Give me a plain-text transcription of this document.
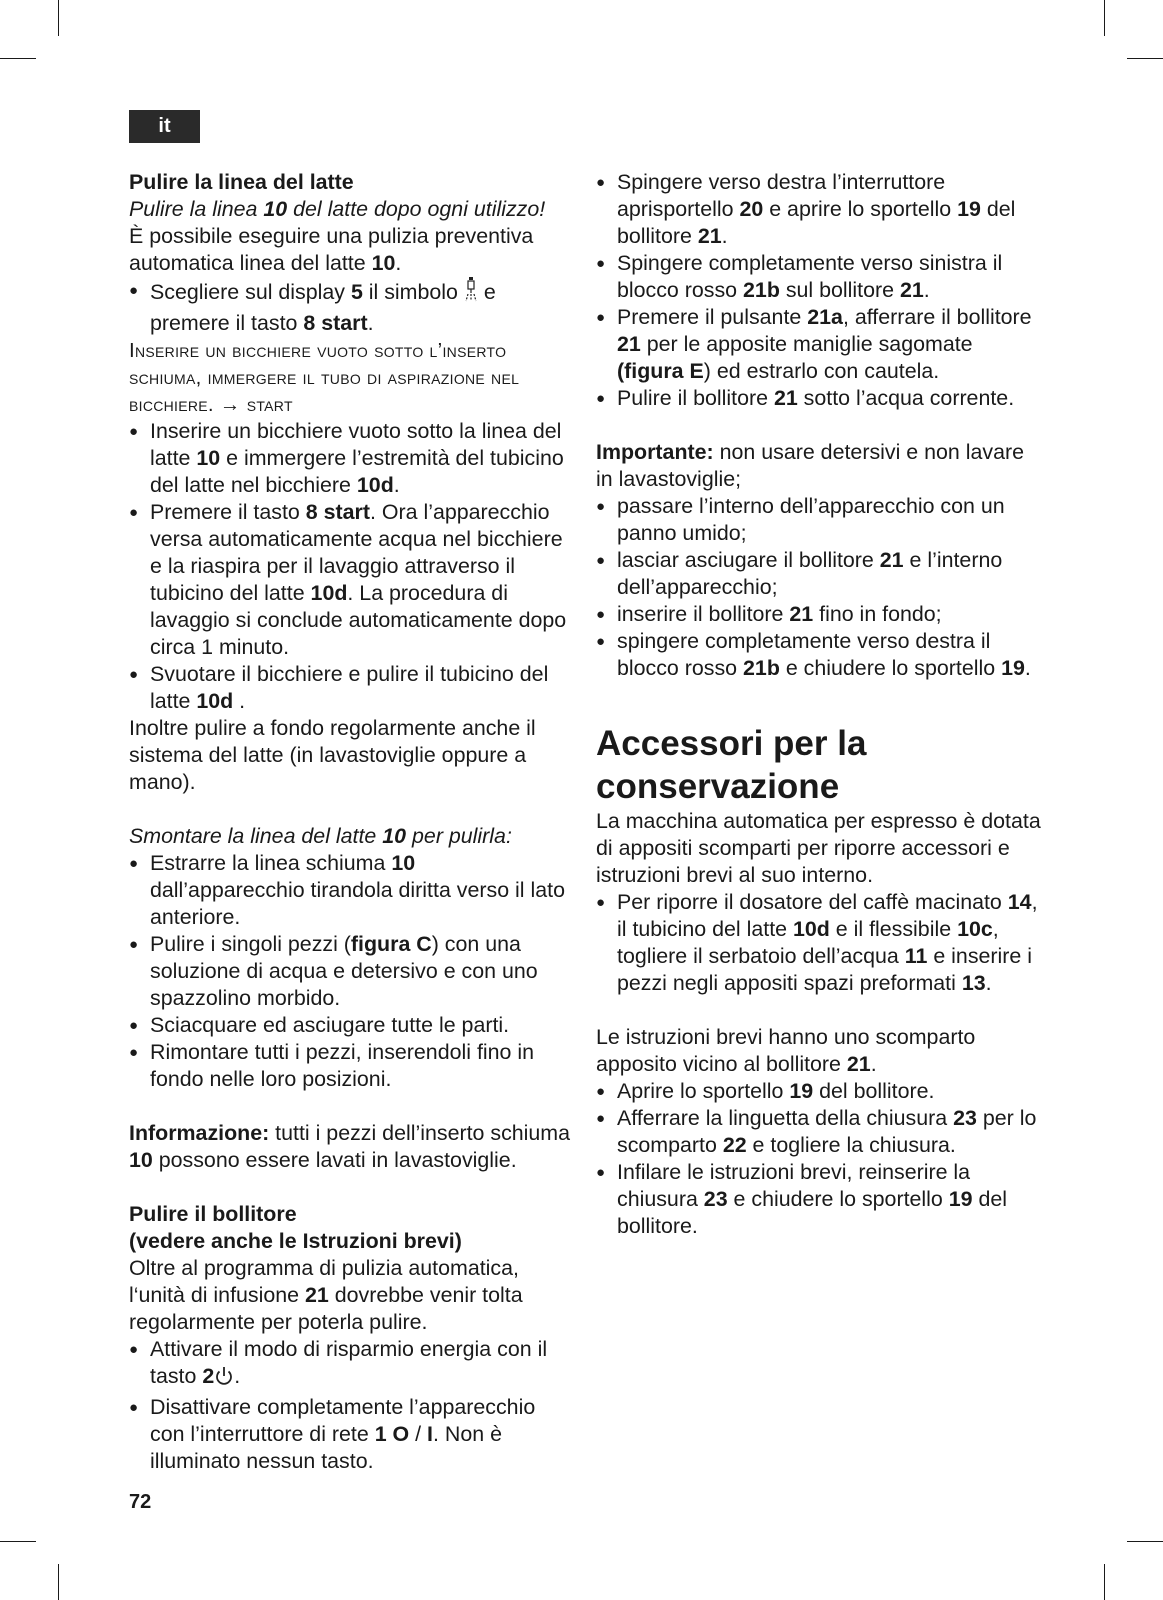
it

Pulire la linea del latte

Pulire la linea 10 del latte dopo ogni utilizzo!

È possibile eseguire una pulizia preventiva automatica linea del latte 10.

● Scegliere sul display 5 il simbolo  e premere il tasto 8 start.

Inserire un bicchiere vuoto sotto l’inserto schiuma, immergere il tubo di aspirazione nel bicchiere. → start

● Inserire un bicchiere vuoto sotto la linea del latte 10 e immergere l’estremità del tubicino del latte nel bicchiere 10d.

● Premere il tasto 8 start. Ora l’apparecchio versa automaticamente acqua nel bicchiere e la riaspira per il lavaggio attraverso il tubicino del latte 10d. La procedura di lavaggio si conclude automaticamente dopo circa 1 minuto.

● Svuotare il bicchiere e pulire il tubicino del latte 10d .

Inoltre pulire a fondo regolarmente anche il sistema del latte (in lavastoviglie oppure a mano).

Smontare la linea del latte 10 per pulirla:

● Estrarre la linea schiuma 10 dall’apparecchio tirandola diritta verso il lato anteriore.

● Pulire i singoli pezzi (figura C) con una soluzione di acqua e detersivo e con uno spazzolino morbido.

● Sciacquare ed asciugare tutte le parti.

● Rimontare tutti i pezzi, inserendoli fino in fondo nelle loro posizioni.

Informazione: tutti i pezzi dell’inserto schiuma 10 possono essere lavati in lavastoviglie.

Pulire il bollitore

(vedere anche le Istruzioni brevi)

Oltre al programma di pulizia automatica, l‘unità di infusione 21 dovrebbe venir tolta regolarmente per poterla pulire.

● Attivare il modo di risparmio energia con il tasto 2 .

● Disattivare completamente l’apparecchio con l’interruttore di rete 1 O / I. Non è illuminato nessun tasto.

● Spingere verso destra l’interruttore aprisportello 20 e aprire lo sportello 19 del bollitore 21.

● Spingere completamente verso sinistra il blocco rosso 21b sul bollitore 21.

● Premere il pulsante 21a, afferrare il bollitore 21 per le apposite maniglie sagomate (figura E) ed estrarlo con cautela.

● Pulire il bollitore 21 sotto l’acqua corrente.

Importante: non usare detersivi e non lavare in lavastoviglie;

● passare l’interno dell’apparecchio con un panno umido;

● lasciar asciugare il bollitore 21 e l’interno dell’apparecchio;

● inserire il bollitore 21 fino in fondo;

● spingere completamente verso destra il blocco rosso 21b e chiudere lo sportello 19.

Accessori per la conservazione

La macchina automatica per espresso è dotata di appositi scomparti per riporre accessori e istruzioni brevi al suo interno.

● Per riporre il dosatore del caffè macinato 14, il tubicino del latte 10d e il flessibile 10c, togliere il serbatoio dell’acqua 11 e inserire i pezzi negli appositi spazi preformati 13.

Le istruzioni brevi hanno uno scomparto apposito vicino al bollitore 21.

● Aprire lo sportello 19 del bollitore.

● Afferrare la linguetta della chiusura 23 per lo scomparto 22 e togliere la chiusura.

● Infilare le istruzioni brevi, reinserire la chiusura 23 e chiudere lo sportello 19 del bollitore.

72
